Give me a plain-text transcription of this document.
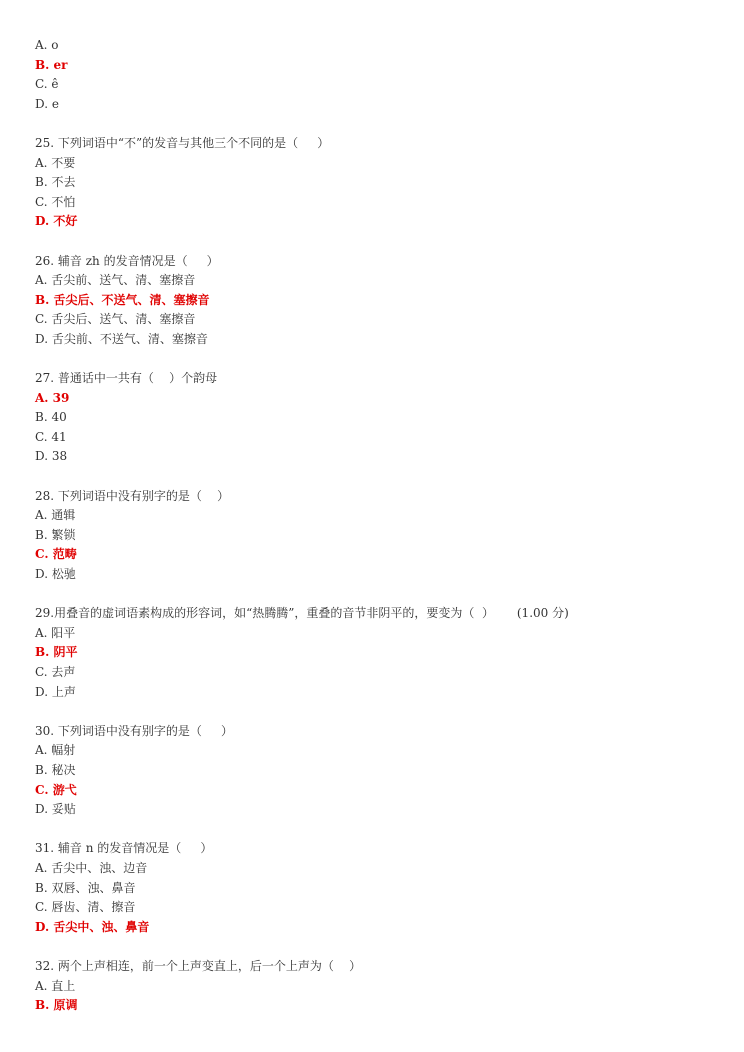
A. o
B. er
C. ê
D. e
25. 下列词语中“不”的发音与其他三个不同的是（     ）
A. 不要
B. 不去
C. 不怕
D. 不好
26. 辅音 zh 的发音情况是（     ）
A. 舌尖前、送气、清、塞擦音
B. 舌尖后、不送气、清、塞擦音
C. 舌尖后、送气、清、塞擦音
D. 舌尖前、不送气、清、塞擦音
27. 普通话中一共有（    ）个韵母
A. 39
B. 40
C. 41
D. 38
28. 下列词语中没有别字的是（    ）
A. 通辑
B. 繁锁
C. 范畴
D. 松驰
29.用叠音的虚词语素构成的形容词，如“热腾腾”，重叠的音节非阴平的，要变为（  ）      (1.00 分)
A. 阳平
B. 阴平
C. 去声
D. 上声
30. 下列词语中没有别字的是（     ）
A. 幅射
B. 秘决
C. 游弋
D. 妥贴
31. 辅音 n 的发音情况是（     ）
A. 舌尖中、浊、边音
B. 双唇、浊、鼻音
C. 唇齿、清、擦音
D. 舌尖中、浊、鼻音
32. 两个上声相连，前一个上声变直上，后一个上声为（    ）
A. 直上
B. 原调
